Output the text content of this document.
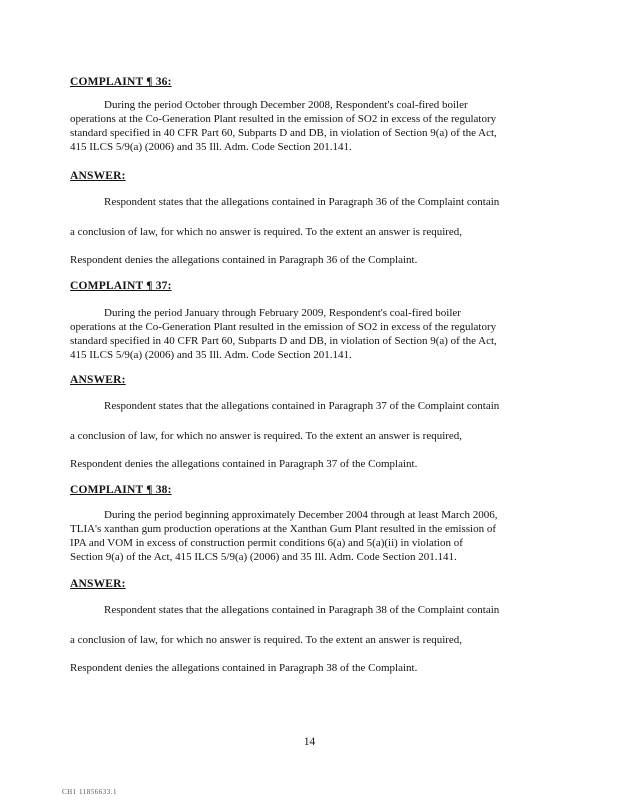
COMPLAINT ¶ 36:
During the period October through December 2008, Respondent's coal-fired boiler
operations at the Co-Generation Plant resulted in the emission of SO2 in excess of the regulatory
standard specified in 40 CFR Part 60, Subparts D and DB, in violation of Section 9(a) of the Act,
415 ILCS 5/9(a) (2006) and 35 Ill. Adm. Code Section 201.141.
ANSWER:
Respondent states that the allegations contained in Paragraph 36 of the Complaint contain
a conclusion of law, for which no answer is required. To the extent an answer is required,
Respondent denies the allegations contained in Paragraph 36 of the Complaint.
COMPLAINT ¶ 37:
During the period January through February 2009, Respondent's coal-fired boiler
operations at the Co-Generation Plant resulted in the emission of SO2 in excess of the regulatory
standard specified in 40 CFR Part 60, Subparts D and DB, in violation of Section 9(a) of the Act,
415 ILCS 5/9(a) (2006) and 35 Ill. Adm. Code Section 201.141.
ANSWER:
Respondent states that the allegations contained in Paragraph 37 of the Complaint contain
a conclusion of law, for which no answer is required. To the extent an answer is required,
Respondent denies the allegations contained in Paragraph 37 of the Complaint.
COMPLAINT ¶ 38:
During the period beginning approximately December 2004 through at least March 2006,
TLIA's xanthan gum production operations at the Xanthan Gum Plant resulted in the emission of
IPA and VOM in excess of construction permit conditions 6(a) and 5(a)(ii) in violation of
Section 9(a) of the Act, 415 ILCS 5/9(a) (2006) and 35 Ill. Adm. Code Section 201.141.
ANSWER:
Respondent states that the allegations contained in Paragraph 38 of the Complaint contain
a conclusion of law, for which no answer is required. To the extent an answer is required,
Respondent denies the allegations contained in Paragraph 38 of the Complaint.
14
CH1 11856633.1
